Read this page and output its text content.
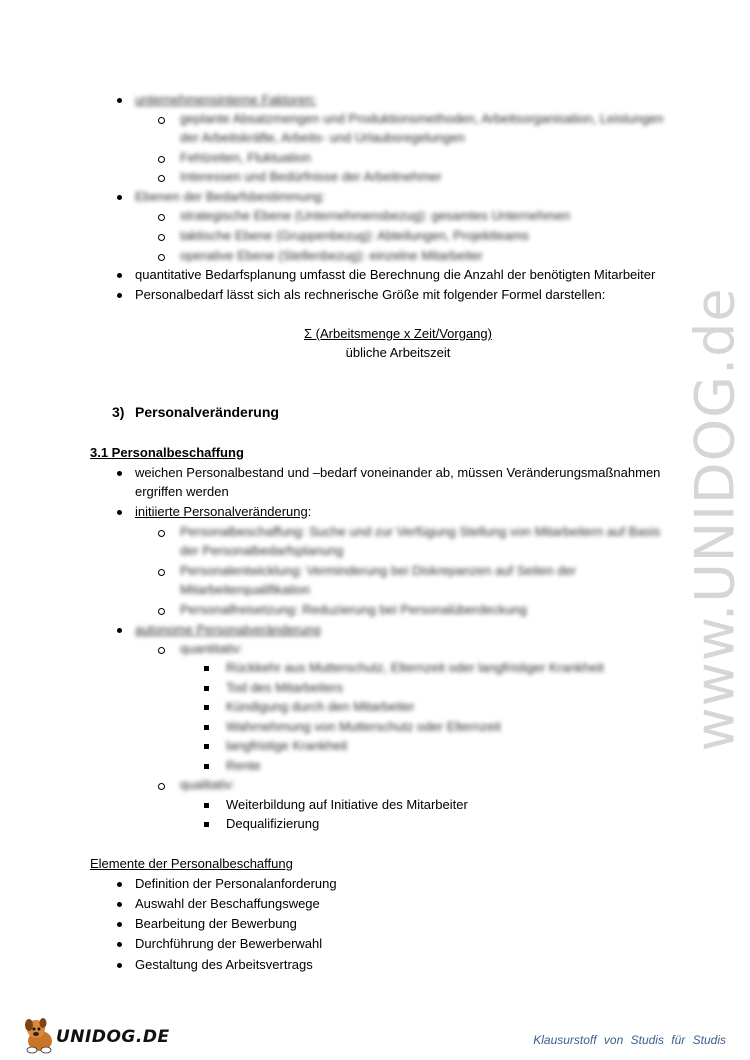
unternehmensinterne Faktoren:
geplante Absatzmengen und Produktionsmethoden, Arbeitsorganisation, Leistungen
der Arbeitskräfte, Arbeits- und Urlaubsregelungen
Fehlzeiten, Fluktuation
Interessen und Bedürfnisse der Arbeitnehmer
Ebenen der Bedarfsbestimmung:
strategische Ebene (Unternehmensbezug): gesamtes Unternehmen
taktische Ebene (Gruppenbezug): Abteilungen, Projektteams
operative Ebene (Stellenbezug): einzelne Mitarbeiter
quantitative Bedarfsplanung umfasst die Berechnung die Anzahl der benötigten Mitarbeiter
Personalbedarf lässt sich als rechnerische Größe mit folgender Formel darstellen:
Σ (Arbeitsmenge x Zeit/Vorgang)
übliche Arbeitszeit
3) Personalveränderung
3.1 Personalbeschaffung
weichen Personalbestand und –bedarf voneinander ab, müssen Veränderungsmaßnahmen
ergriffen werden
initiierte Personalveränderung:
Personalbeschaffung: Suche und zur Verfügung Stellung von Mitarbeitern auf Basis
der Personalbedarfsplanung
Personalentwicklung: Verminderung bei Diskrepanzen auf Seiten der
Mitarbeiterqualifikation
Personalfreisetzung: Reduzierung bei Personalüberdeckung
autonome Personalveränderung
quantitativ:
Rückkehr aus Mutterschutz, Elternzeit oder langfristiger Krankheit
Tod des Mitarbeiters
Kündigung durch den Mitarbeiter
Wahrnehmung von Mutterschutz oder Elternzeit
langfristige Krankheit
Rente
qualitativ:
Weiterbildung auf Initiative des Mitarbeiter
Dequalifizierung
Elemente der Personalbeschaffung
Definition der Personalanforderung
Auswahl der Beschaffungswege
Bearbeitung der Bewerbung
Durchführung der Bewerberwahl
Gestaltung des Arbeitsvertrags
www.UNIDOG.de
UNIDOG.DE	Klausurstoff von Studis für Studis
